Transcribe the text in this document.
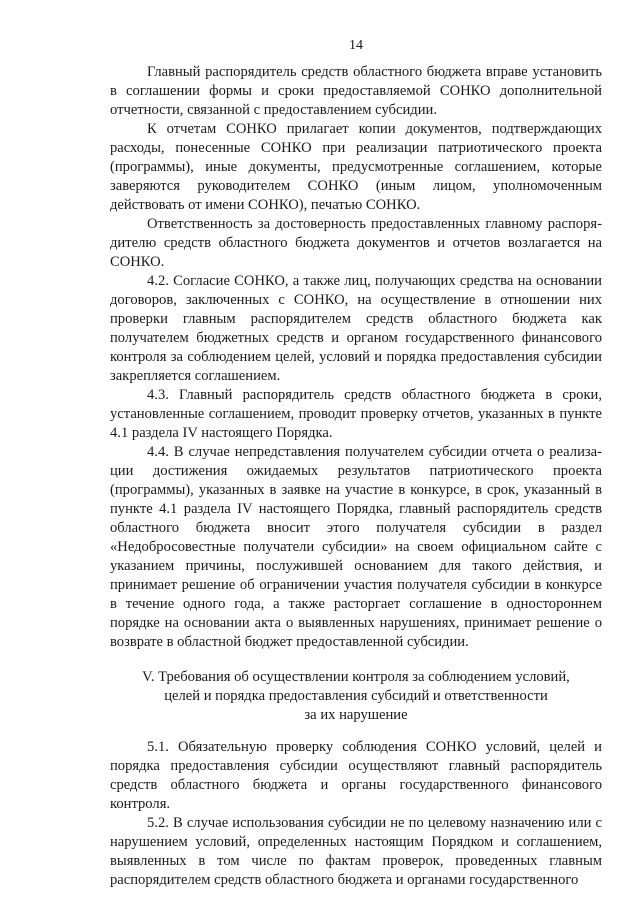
14

Главный распорядитель средств областного бюджета вправе установить в соглашении формы и сроки предоставляемой СОНКО дополнительной отчетности, связанной с предоставлением субсидии.

К отчетам СОНКО прилагает копии документов, подтверждающих расходы, понесенные СОНКО при реализации патриотического проекта (программы), иные документы, предусмотренные соглашением, которые заверяются руководителем СОНКО (иным лицом, уполномоченным действовать от имени СОНКО), печатью СОНКО.

Ответственность за достоверность предоставленных главному распорядителю средств областного бюджета документов и отчетов возлагается на СОНКО.

4.2. Согласие СОНКО, а также лиц, получающих средства на основании договоров, заключенных с СОНКО, на осуществление в отношении них проверки главным распорядителем средств областного бюджета как получателем бюджетных средств и органом государственного финансового контроля за соблюдением целей, условий и порядка предоставления субсидии закрепляется соглашением.

4.3. Главный распорядитель средств областного бюджета в сроки, установленные соглашением, проводит проверку отчетов, указанных в пункте 4.1 раздела IV настоящего Порядка.

4.4. В случае непредставления получателем субсидии отчета о реализации достижения ожидаемых результатов патриотического проекта (программы), указанных в заявке на участие в конкурсе, в срок, указанный в пункте 4.1 раздела IV настоящего Порядка, главный распорядитель средств областного бюджета вносит этого получателя субсидии в раздел «Недобросовестные получатели субсидии» на своем официальном сайте с указанием причины, послужившей основанием для такого действия, и принимает решение об ограничении участия получателя субсидии в конкурсе в течение одного года, а также расторгает соглашение в одностороннем порядке на основании акта о выявленных нарушениях, принимает решение о возврате в областной бюджет предоставленной субсидии.

V. Требования об осуществлении контроля за соблюдением условий,
целей и порядка предоставления субсидий и ответственности
за их нарушение

5.1. Обязательную проверку соблюдения СОНКО условий, целей и порядка предоставления субсидии осуществляют главный распорядитель средств областного бюджета и органы государственного финансового контроля.

5.2. В случае использования субсидии не по целевому назначению или с нарушением условий, определенных настоящим Порядком и соглашением, выявленных в том числе по фактам проверок, проведенных главным распорядителем средств областного бюджета и органами государственного
